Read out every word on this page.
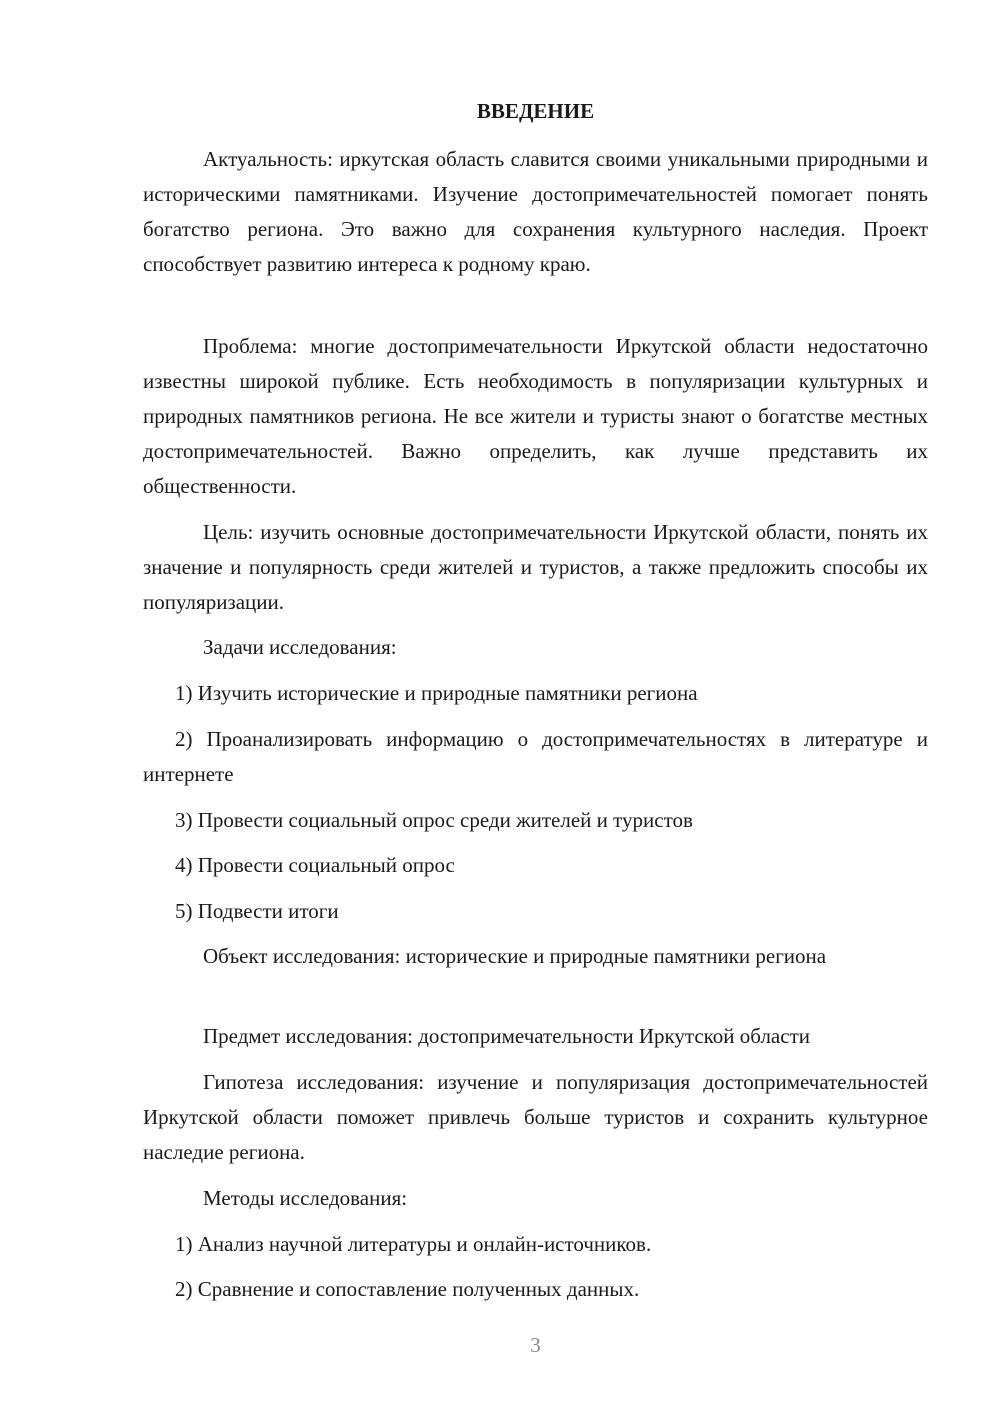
ВВЕДЕНИЕ

Актуальность: иркутская область славится своими уникальными природными и историческими памятниками. Изучение достопримечательностей помогает понять богатство региона. Это важно для сохранения культурного наследия. Проект способствует развитию интереса к родному краю.

Проблема: многие достопримечательности Иркутской области недостаточно известны широкой публике. Есть необходимость в популяризации культурных и природных памятников региона. Не все жители и туристы знают о богатстве местных достопримечательностей. Важно определить, как лучше представить их общественности.

Цель: изучить основные достопримечательности Иркутской области, понять их значение и популярность среди жителей и туристов, а также предложить способы их популяризации.

Задачи исследования:

1) Изучить исторические и природные памятники региона

2) Проанализировать информацию о достопримечательностях в литературе и интернете

3) Провести социальный опрос среди жителей и туристов

4) Провести социальный опрос

5) Подвести итоги

Объект исследования: исторические и природные памятники региона

Предмет исследования: достопримечательности Иркутской области

Гипотеза исследования: изучение и популяризация достопримечательностей Иркутской области поможет привлечь больше туристов и сохранить культурное наследие региона.

Методы исследования:

1) Анализ научной литературы и онлайн-источников.

2) Сравнение и сопоставление полученных данных.

3
